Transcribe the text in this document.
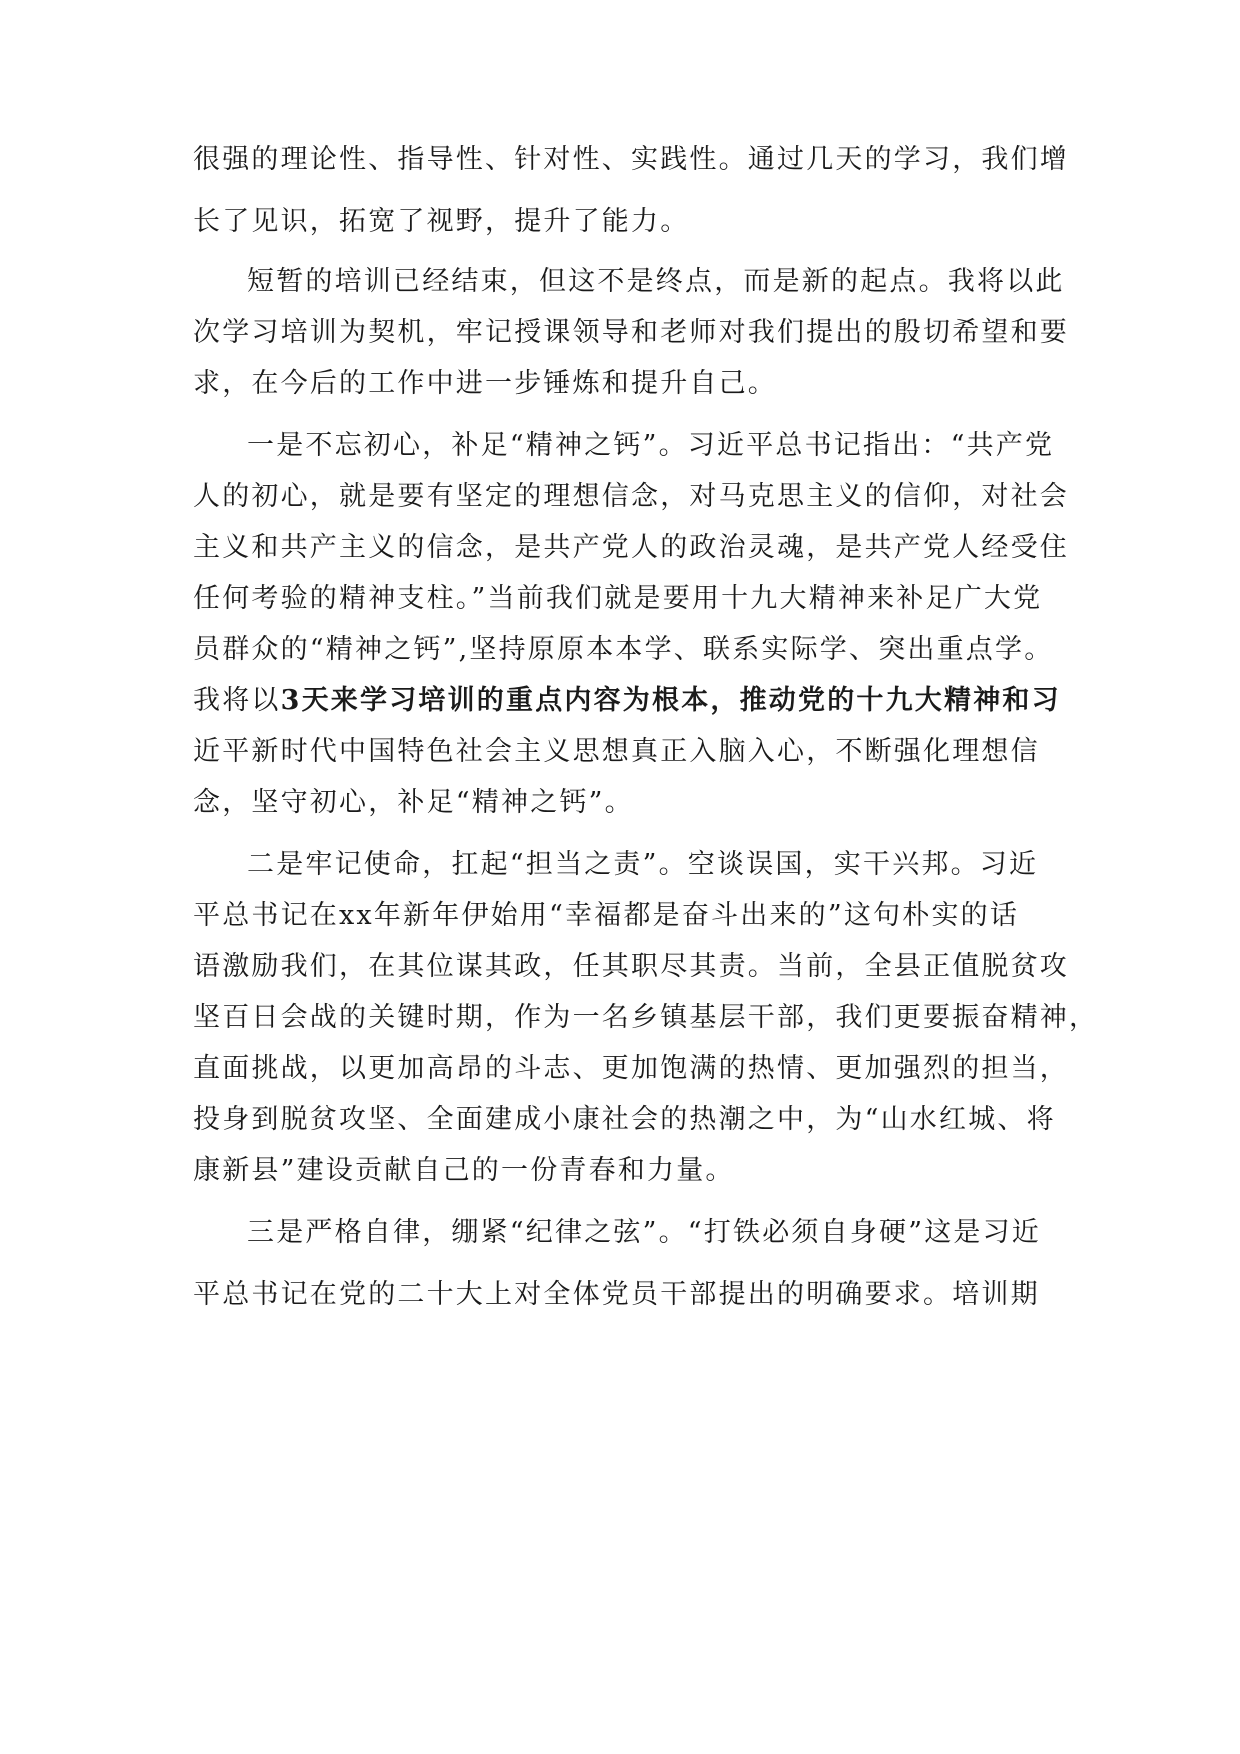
很强的理论性、指导性、针对性、实践性。通过几天的学习，我们增
长了见识，拓宽了视野，提升了能力。
短暂的培训已经结束，但这不是终点，而是新的起点。我将以此
次学习培训为契机，牢记授课领导和老师对我们提出的殷切希望和要
求，在今后的工作中进一步锤炼和提升自己。
一是不忘初心，补足“精神之钙”。习近平总书记指出：“共产党
人的初心，就是要有坚定的理想信念，对马克思主义的信仰，对社会
主义和共产主义的信念，是共产党人的政治灵魂，是共产党人经受住
任何考验的精神支柱。”当前我们就是要用十九大精神来补足广大党
员群众的“精神之钙”,坚持原原本本学、联系实际学、突出重点学。
我将以3天来学习培训的重点内容为根本，推动党的十九大精神和习
近平新时代中国特色社会主义思想真正入脑入心，不断强化理想信
念，坚守初心，补足“精神之钙”。
二是牢记使命，扛起“担当之责”。空谈误国，实干兴邦。习近
平总书记在xx年新年伊始用“幸福都是奋斗出来的”这句朴实的话
语激励我们，在其位谋其政，任其职尽其责。当前，全县正值脱贫攻
坚百日会战的关键时期，作为一名乡镇基层干部，我们更要振奋精神，
直面挑战，以更加高昂的斗志、更加饱满的热情、更加强烈的担当，
投身到脱贫攻坚、全面建成小康社会的热潮之中，为“山水红城、将
康新县”建设贡献自己的一份青春和力量。
三是严格自律，绷紧“纪律之弦”。“打铁必须自身硬”这是习近
平总书记在党的二十大上对全体党员干部提出的明确要求。培训期
